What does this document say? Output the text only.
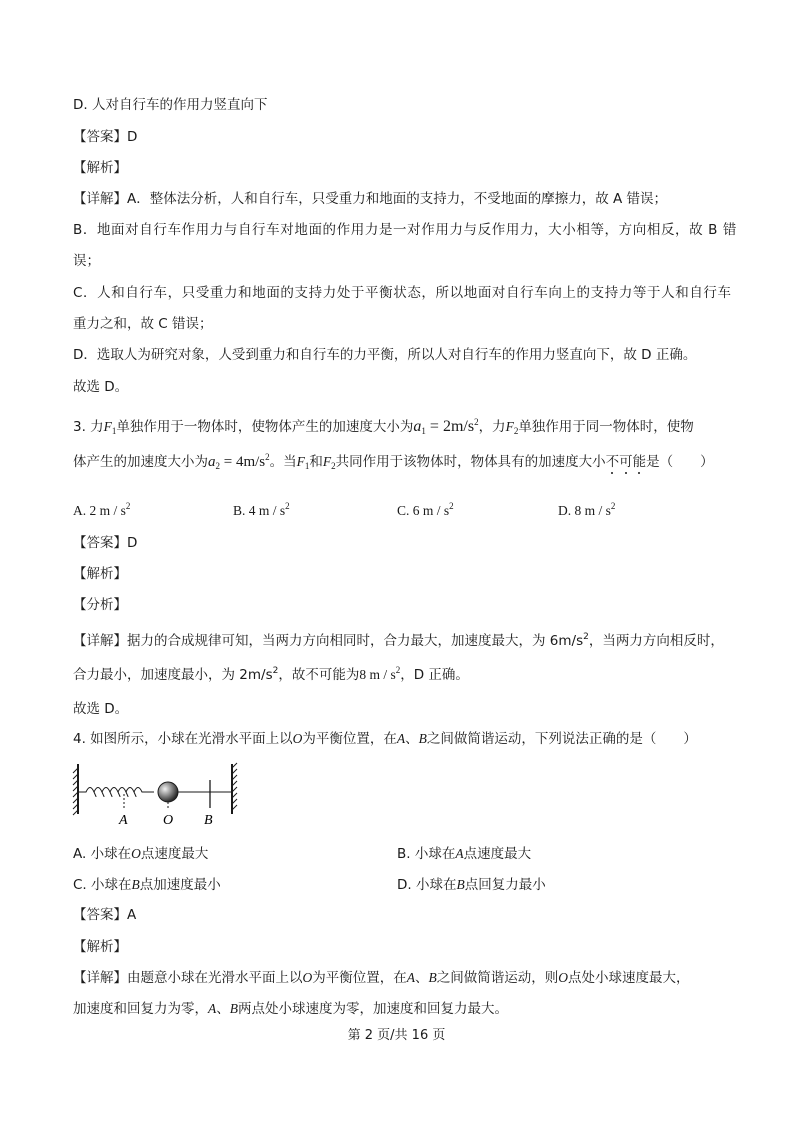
D. 人对自行车的作用力竖直向下
【答案】D
【解析】
【详解】A．整体法分析，人和自行车，只受重力和地面的支持力，不受地面的摩擦力，故 A 错误；
B．地面对自行车作用力与自行车对地面的作用力是一对作用力与反作用力，大小相等，方向相反，故 B 错
误；
C．人和自行车，只受重力和地面的支持力处于平衡状态，所以地面对自行车向上的支持力等于人和自行车
重力之和，故 C 错误；
D．选取人为研究对象，人受到重力和自行车的力平衡，所以人对自行车的作用力竖直向下，故 D 正确。
故选 D。
3. 力$F_1$单独作用于一物体时，使物体产生的加速度大小为$a_1 = 2m/s^2$，力$F_2$单独作用于同一物体时，使物
体产生的加速度大小为$a_2 = 4m/s^2$。当$F_1$和$F_2$共同作用于该物体时，物体具有的加速度大小不可能是（　　）
A. 2 m / $s^2$	B. 4 m / $s^2$	C. 6 m / $s^2$	D. 8 m / $s^2$
【答案】D
【解析】
【分析】
【详解】据力的合成规律可知，当两力方向相同时，合力最大，加速度最大，为 $6m/s^2$，当两力方向相反时，
合力最小，加速度最小，为 $2m/s^2$，故不可能为8 m / $s^2$，D 正确。
故选 D。
4. 如图所示，小球在光滑水平面上以O为平衡位置，在A、B之间做简谐运动，下列说法正确的是（　　）
A	O B
A. 小球在O点速度最大	B. 小球在A点速度最大
C. 小球在B点加速度最小	D. 小球在B点回复力最小
【答案】A
【解析】
【详解】由题意小球在光滑水平面上以O为平衡位置，在A、B之间做简谐运动，则O点处小球速度最大，
加速度和回复力为零，A、B两点处小球速度为零，加速度和回复力最大。
第 2 页/共 16 页
